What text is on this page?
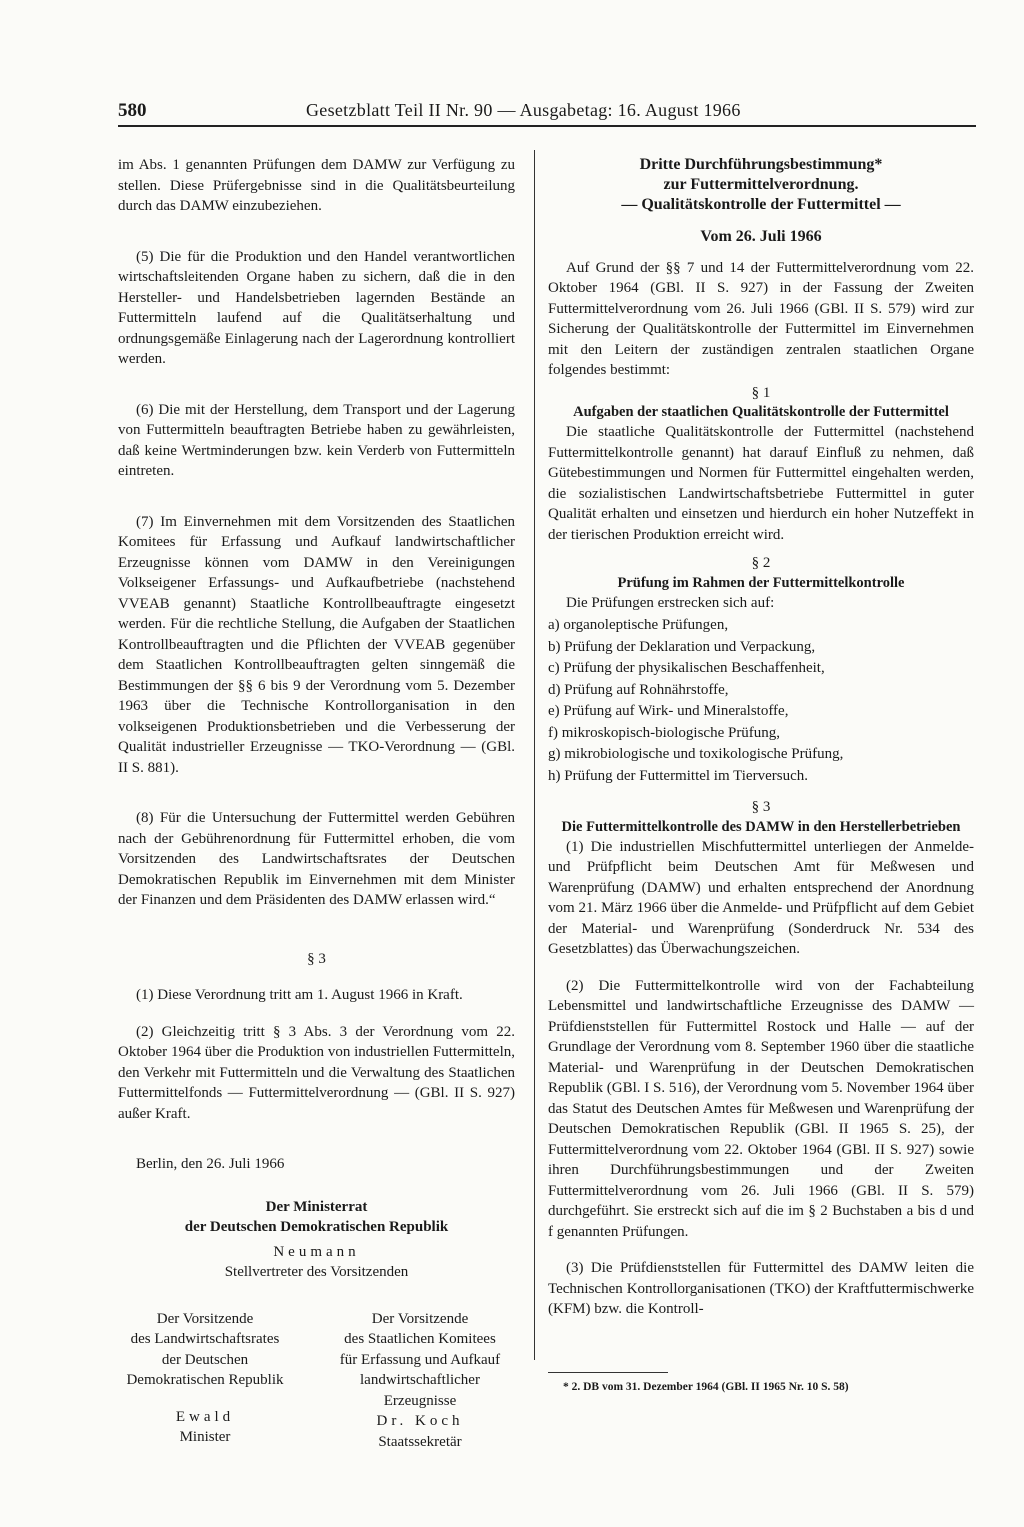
580	Gesetzblatt Teil II Nr. 90 — Ausgabetag: 16. August 1966

im Abs. 1 genannten Prüfungen dem DAMW zur Verfügung zu stellen. Diese Prüfergebnisse sind in die Qualitätsbeurteilung durch das DAMW einzubeziehen.

(5) Die für die Produktion und den Handel verantwortlichen wirtschaftsleitenden Organe haben zu sichern, daß die in den Hersteller- und Handelsbetrieben lagernden Bestände an Futtermitteln laufend auf die Qualitätserhaltung und ordnungsgemäße Einlagerung nach der Lagerordnung kontrolliert werden.

(6) Die mit der Herstellung, dem Transport und der Lagerung von Futtermitteln beauftragten Betriebe haben zu gewährleisten, daß keine Wertminderungen bzw. kein Verderb von Futtermitteln eintreten.

(7) Im Einvernehmen mit dem Vorsitzenden des Staatlichen Komitees für Erfassung und Aufkauf landwirtschaftlicher Erzeugnisse können vom DAMW in den Vereinigungen Volkseigener Erfassungs- und Aufkaufbetriebe (nachstehend VVEAB genannt) Staatliche Kontrollbeauftragte eingesetzt werden. Für die rechtliche Stellung, die Aufgaben der Staatlichen Kontrollbeauftragten und die Pflichten der VVEAB gegenüber dem Staatlichen Kontrollbeauftragten gelten sinngemäß die Bestimmungen der §§ 6 bis 9 der Verordnung vom 5. Dezember 1963 über die Technische Kontrollorganisation in den volkseigenen Produktionsbetrieben und die Verbesserung der Qualität industrieller Erzeugnisse — TKO-Verordnung — (GBl. II S. 881).

(8) Für die Untersuchung der Futtermittel werden Gebühren nach der Gebührenordnung für Futtermittel erhoben, die vom Vorsitzenden des Landwirtschaftsrates der Deutschen Demokratischen Republik im Einvernehmen mit dem Minister der Finanzen und dem Präsidenten des DAMW erlassen wird.“

§ 3

(1) Diese Verordnung tritt am 1. August 1966 in Kraft.

(2) Gleichzeitig tritt § 3 Abs. 3 der Verordnung vom 22. Oktober 1964 über die Produktion von industriellen Futtermitteln, den Verkehr mit Futtermitteln und die Verwaltung des Staatlichen Futtermittelfonds — Futtermittelverordnung — (GBl. II S. 927) außer Kraft.

Berlin, den 26. Juli 1966

Der Ministerrat

der Deutschen Demokratischen Republik

Neumann

Stellvertreter des Vorsitzenden

Der Vorsitzende
des Landwirtschaftsrates
der Deutschen
Demokratischen Republik
Ewald
Minister
Der Vorsitzende
des Staatlichen Komitees
für Erfassung und Aufkauf
landwirtschaftlicher
Erzeugnisse
Dr. Koch
Staatssekretär
Dritte Durchführungsbestimmung*
zur Futtermittelverordnung.
— Qualitätskontrolle der Futtermittel —
Vom 26. Juli 1966

Auf Grund der §§ 7 und 14 der Futtermittelverordnung vom 22. Oktober 1964 (GBl. II S. 927) in der Fassung der Zweiten Futtermittelverordnung vom 26. Juli 1966 (GBl. II S. 579) wird zur Sicherung der Qualitätskontrolle der Futtermittel im Einvernehmen mit den Leitern der zuständigen zentralen staatlichen Organe folgendes bestimmt:

§ 1

Aufgaben der staatlichen Qualitätskontrolle der Futtermittel

Die staatliche Qualitätskontrolle der Futtermittel (nachstehend Futtermittelkontrolle genannt) hat darauf Einfluß zu nehmen, daß Gütebestimmungen und Normen für Futtermittel eingehalten werden, die sozialistischen Landwirtschaftsbetriebe Futtermittel in guter Qualität erhalten und einsetzen und hierdurch ein hoher Nutzeffekt in der tierischen Produktion erreicht wird.

§ 2

Prüfung im Rahmen der Futtermittelkontrolle

Die Prüfungen erstrecken sich auf:

a) organoleptische Prüfungen,
b) Prüfung der Deklaration und Verpackung,
c) Prüfung der physikalischen Beschaffenheit,
d) Prüfung auf Rohnährstoffe,
e) Prüfung auf Wirk- und Mineralstoffe,
f) mikroskopisch-biologische Prüfung,
g) mikrobiologische und toxikologische Prüfung,
h) Prüfung der Futtermittel im Tierversuch.

§ 3

Die Futtermittelkontrolle des DAMW in den Herstellerbetrieben

(1) Die industriellen Mischfuttermittel unterliegen der Anmelde- und Prüfpflicht beim Deutschen Amt für Meßwesen und Warenprüfung (DAMW) und erhalten entsprechend der Anordnung vom 21. März 1966 über die Anmelde- und Prüfpflicht auf dem Gebiet der Material- und Warenprüfung (Sonderdruck Nr. 534 des Gesetzblattes) das Überwachungszeichen.

(2) Die Futtermittelkontrolle wird von der Fachabteilung Lebensmittel und landwirtschaftliche Erzeugnisse des DAMW — Prüfdienststellen für Futtermittel Rostock und Halle — auf der Grundlage der Verordnung vom 8. September 1960 über die staatliche Material- und Warenprüfung in der Deutschen Demokratischen Republik (GBl. I S. 516), der Verordnung vom 5. November 1964 über das Statut des Deutschen Amtes für Meßwesen und Warenprüfung der Deutschen Demokratischen Republik (GBl. II 1965 S. 25), der Futtermittelverordnung vom 22. Oktober 1964 (GBl. II S. 927) sowie ihren Durchführungsbestimmungen und der Zweiten Futtermittelverordnung vom 26. Juli 1966 (GBl. II S. 579) durchgeführt. Sie erstreckt sich auf die im § 2 Buchstaben a bis d und f genannten Prüfungen.

(3) Die Prüfdienststellen für Futtermittel des DAMW leiten die Technischen Kontrollorganisationen (TKO) der Kraftfuttermischwerke (KFM) bzw. die Kontroll-

* 2. DB vom 31. Dezember 1964 (GBl. II 1965 Nr. 10 S. 58)
